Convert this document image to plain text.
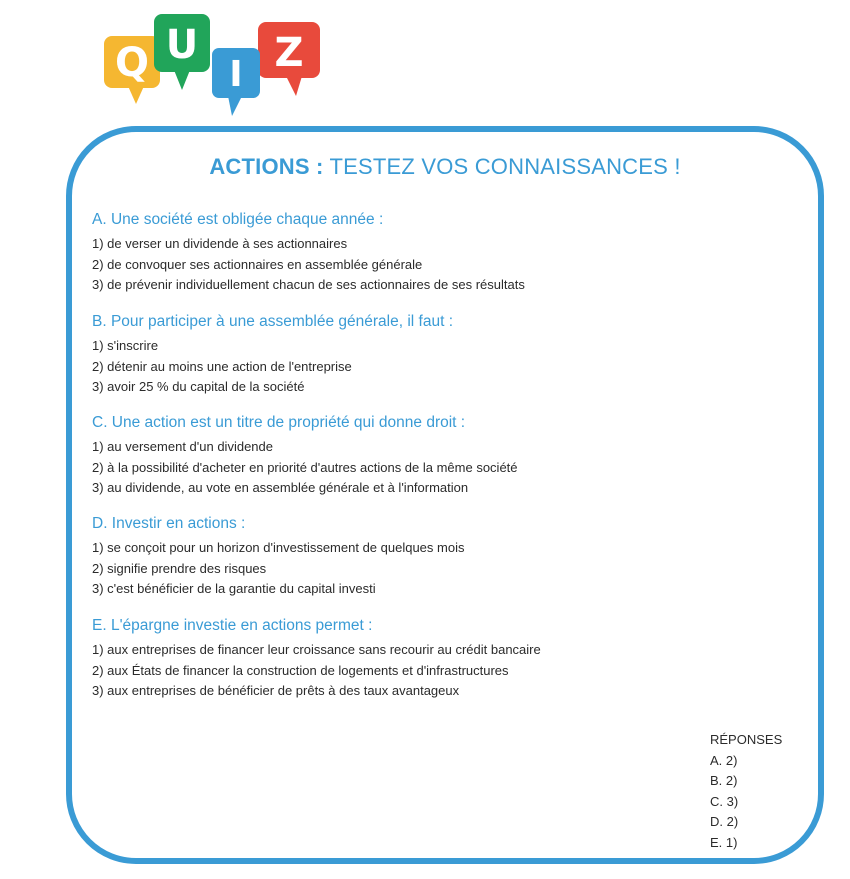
Q U Z
I
ACTIONS : TESTEZ VOS CONNAISSANCES !
A. Une société est obligée chaque année :
1) de verser un dividende à ses actionnaires
2) de convoquer ses actionnaires en assemblée générale
3) de prévenir individuellement chacun de ses actionnaires de ses résultats
B. Pour participer à une assemblée générale, il faut :
1) s'inscrire
2) détenir au moins une action de l'entreprise
3) avoir 25 % du capital de la société
C. Une action est un titre de propriété qui donne droit :
1) au versement d'un dividende
2) à la possibilité d'acheter en priorité d'autres actions de la même société
3) au dividende, au vote en assemblée générale et à l'information
D. Investir en actions :
1) se conçoit pour un horizon d'investissement de quelques mois
2) signifie prendre des risques
3) c'est bénéficier de la garantie du capital investi
E. L'épargne investie en actions permet :
1) aux entreprises de financer leur croissance sans recourir au crédit bancaire
2) aux États de financer la construction de logements et d'infrastructures
3) aux entreprises de bénéficier de prêts à des taux avantageux
RÉPONSES
A. 2)
B. 2)
C. 3)
D. 2)
E. 1)
